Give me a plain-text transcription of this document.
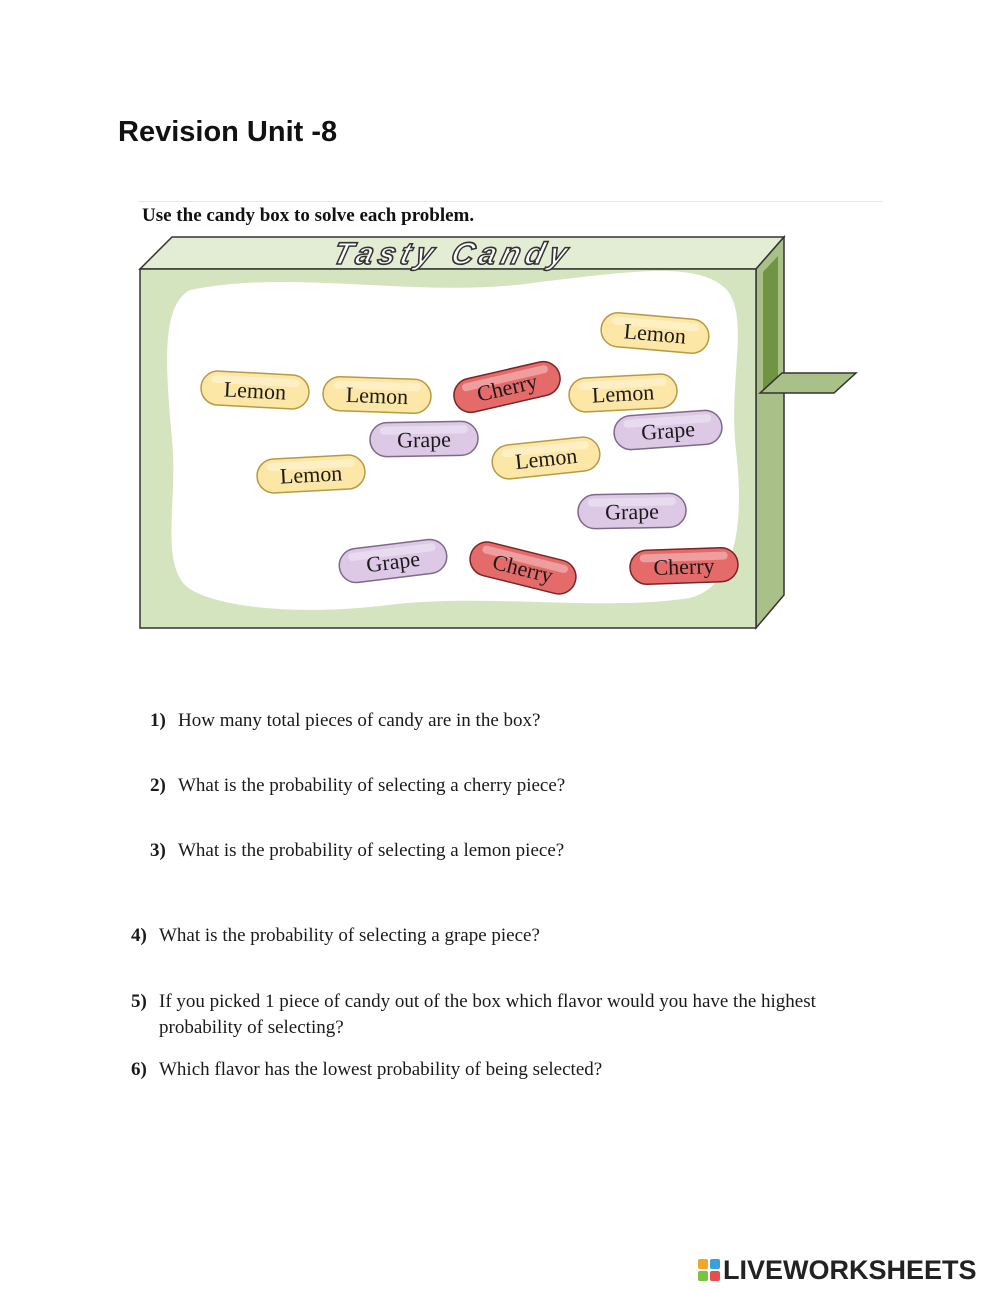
Revision Unit -8
Use the candy box to solve each problem.
Tasty Candy
Lemon
Lemon	Lemon	Cherry Lemon
Grape	Grape
Lemon
Lemon
Grape
Grape	Cherry	Cherry
1) How many total pieces of candy are in the box?
2) What is the probability of selecting a cherry piece?
3) What is the probability of selecting a lemon piece?
4) What is the probability of selecting a grape piece?
5) If you picked 1 piece of candy out of the box which flavor would you have the highest probability of selecting?
6) Which flavor has the lowest probability of being selected?
LIVEWORKSHEETS
